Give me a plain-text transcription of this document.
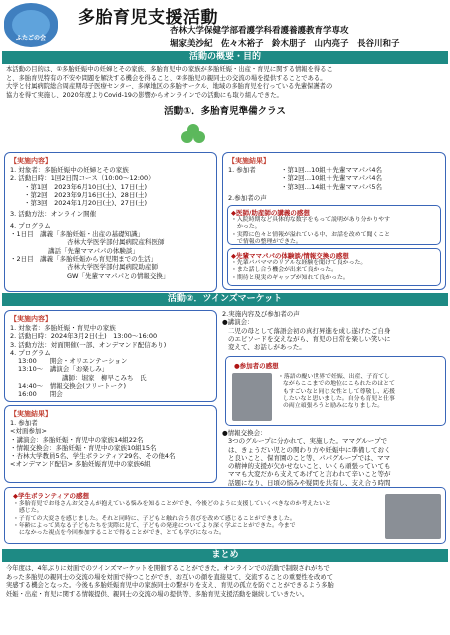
ふたごの会
多胎育児支援活動
杏林大学保健学部看護学科看護養護教育学専攻
堀家美沙紀　佐々木裕子　鈴木朋子　山内亮子　長谷川和子
活動の概要・目的
本活動の目的は、①多胎妊娠中の妊婦とその家族、多胎育児中の家族が多胎妊娠・出産・育児に関する情報を得るこ
と、多胎育児特有の不安や問題を解決する機会を得ること、②多胎児の親同士の交流の場を提供することである。
大学と付属病院総合周産期母子医療センター、多摩地区の多胎サークル、地域の多胎育児を行っている先輩保護者の
協力を得て実施し、2020年度よりCovid-19の影響からオンラインでの活動にも取り組んできた。
活動①．多胎育児準備クラス
【実施内容】
1. 対象者：多胎妊娠中の妊婦とその家族
2. 活動日時：1回2日間コース（10:00～12:00）
・第1回　2023年6月10日(土)、17日(土)
・第2回　2023年9月16日(土)、28日(土)
・第3回　2024年1月20日(土)、27日(土)
3. 活動方法：オンライン開催
4. プログラム
・1日目　講義「多胎妊娠・出産の基礎知識」
杏林大学医学部付属病院産科医師
講話「先輩ママパパの体験談」
・2日目　講義「多胎妊娠から育児期までの生活」
杏林大学医学部付属病院助産師
GW「先輩ママパパとの情報交換」
【実施結果】
1. 参加者	・第1回…10組＋先輩ママパパ4名
・第2回…10組＋先輩ママパパ4名
・第3回…14組＋先輩ママパパ5名
2.参加者の声
◆医師/助産師の講義の感想
・入院時期など具体的な数字をもって説明があり分かりやす
かった。
・実際に色々と情報が溢れている中、お話を改めて聞くこと
で情報の整理ができた。
◆先輩ママパパの体験談/情報交換の感想
・先輩パパママのリアルな経験を聞けて良かった。
・また話し合う機会が出来て良かった。
・期待と現実のギャップが知れて良かった。
活動②．ツインズマーケット
【実施内容】
1. 対象者：多胎妊娠・育児中の家族
2. 活動日時：2024年3月2日(土)　13:00～16:00
3. 活動方法：対面開催(一部、オンデマンド配信あり)
4. プログラム
13:00　　開会・オリエンテーション
13:10～　講演会「お楽しみ」
講師：堀家　柳早こみち　氏
14:40～　情報交換会(フリートーク)
16:00　　閉会
【実施結果】
1. 参加者
<対面参加>
・講演会：多胎妊娠・育児中の家族14組22名
・情報交換会：多胎妊娠・育児中の家族10組15名
・杏林大学教員5名、学生ボランティア29名、その他4名
<オンデマンド配信> 多胎妊娠育児中の家族6組
2.実施内容及び参加者の声
●講演会：
二児の母として落語会初の真打昇進を成し遂げたご自身
のエピソードを交えながら、育児の日常を楽しい笑いに
変えて、お話しがあった。
●参加者の感想
・落語の醍い世界で妊娠、出産、子育てし
ながらここまでの地位にこられたのはとて
もすごいなと同じ女性として尊敬し、応援
したいなと思いました。自分も育児と仕事
の両立頑張ろうと励みになりました。
●情報交換会：
3つのグループに分かれて、実施した。ママグループで
は、きょうだい児との関わり方や妊娠中に準備しておく
と良いこと、保育園のこと等、パパグループでは、ママ
の精神的支援が欠かせないこと、いくら頑張っていても
ママも大変だから支えてあげてと言われて辛いこと等が
話題になり、日頃の悩みや疑問を共有し、支え合う時間
◆学生ボランティアの感想
・多胎育児でお母さんお父さんが抱えている悩みを知ることができ、今後どのように支援していくべきなのか考えたいと
感じた。
・子育ての大変さを感じました。それと同時に、子どもと触れ合う喜びを改めて感じることができました。
・年齢によって異なる子どもたちを実際に見て、子どもの発達についてより深く学ぶことができた。今まで
になかった視点を今回参加することで得ることができ、とても学びになった。
まとめ
今年度は、4年ぶりに対面でのツインズマーケットを開催することができた。オンラインでの活動で制限されがちで
あった多胎児の親同士の交流の場を対面で持つことができ、お互いの顔を直接見て、交流することの重要性を改めて
実感する機会となった。今後も多胎妊娠育児中の家族同士の繋がりを支え、育児の孤立を防ぐことができるよう多胎
妊娠・出産・育児に関する情報提供、親同士の交流の場の提供等、多胎育児支援活動を継続していきたい。
